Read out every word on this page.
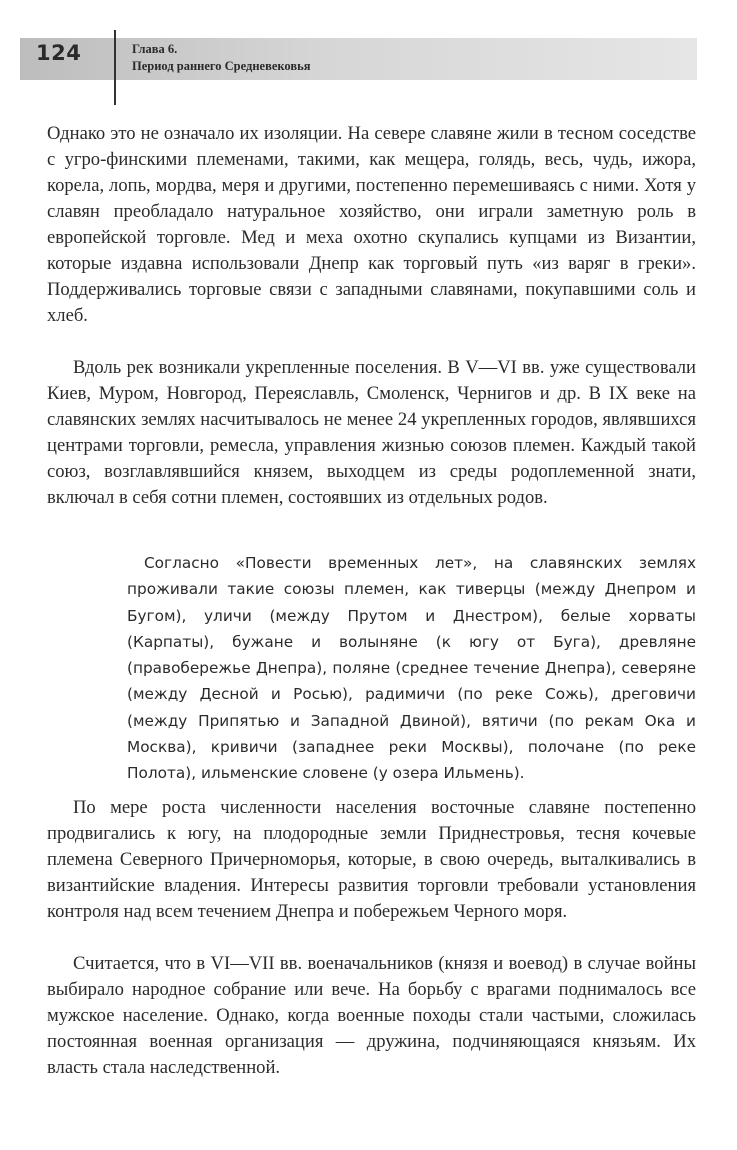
124	Глава 6.
Период раннего Средневековья

Однако это не означало их изоляции. На севере славяне жили в тесном соседстве с угро-финскими племенами, такими, как мещера, голядь, весь, чудь, ижора, корела, лопь, мордва, меря и другими, постепенно перемешиваясь с ними. Хотя у славян преобладало натуральное хозяйство, они играли заметную роль в европейской торговле. Мед и меха охотно скупались купцами из Византии, которые издавна использовали Днепр как торговый путь «из варяг в греки». Поддерживались торговые связи с западными славянами, покупавшими соль и хлеб.

Вдоль рек возникали укрепленные поселения. В V—VI вв. уже существовали Киев, Муром, Новгород, Переяславль, Смоленск, Чернигов и др. В IX веке на славянских землях насчитывалось не менее 24 укрепленных городов, являвшихся центрами торговли, ремесла, управления жизнью союзов племен. Каждый такой союз, возглавлявшийся князем, выходцем из среды родоплеменной знати, включал в себя сотни племен, состоявших из отдельных родов.

Согласно «Повести временных лет», на славянских землях проживали такие союзы племен, как тиверцы (между Днепром и Бугом), уличи (между Прутом и Днестром), белые хорваты (Карпаты), бужане и волыняне (к югу от Буга), древляне (правобережье Днепра), поляне (среднее течение Днепра), северяне (между Десной и Росью), радимичи (по реке Сожь), дреговичи (между Припятью и Западной Двиной), вятичи (по рекам Ока и Москва), кривичи (западнее реки Москвы), полочане (по реке Полота), ильменские словене (у озера Ильмень).

По мере роста численности населения восточные славяне постепенно продвигались к югу, на плодородные земли Приднестровья, тесня кочевые племена Северного Причерноморья, которые, в свою очередь, выталкивались в византийские владения. Интересы развития торговли требовали установления контроля над всем течением Днепра и побережьем Черного моря.

Считается, что в VI—VII вв. военачальников (князя и воевод) в случае войны выбирало народное собрание или вече. На борьбу с врагами поднималось все мужское население. Однако, когда военные походы стали частыми, сложилась постоянная военная организация — дружина, подчиняющаяся князьям. Их власть стала наследственной.
